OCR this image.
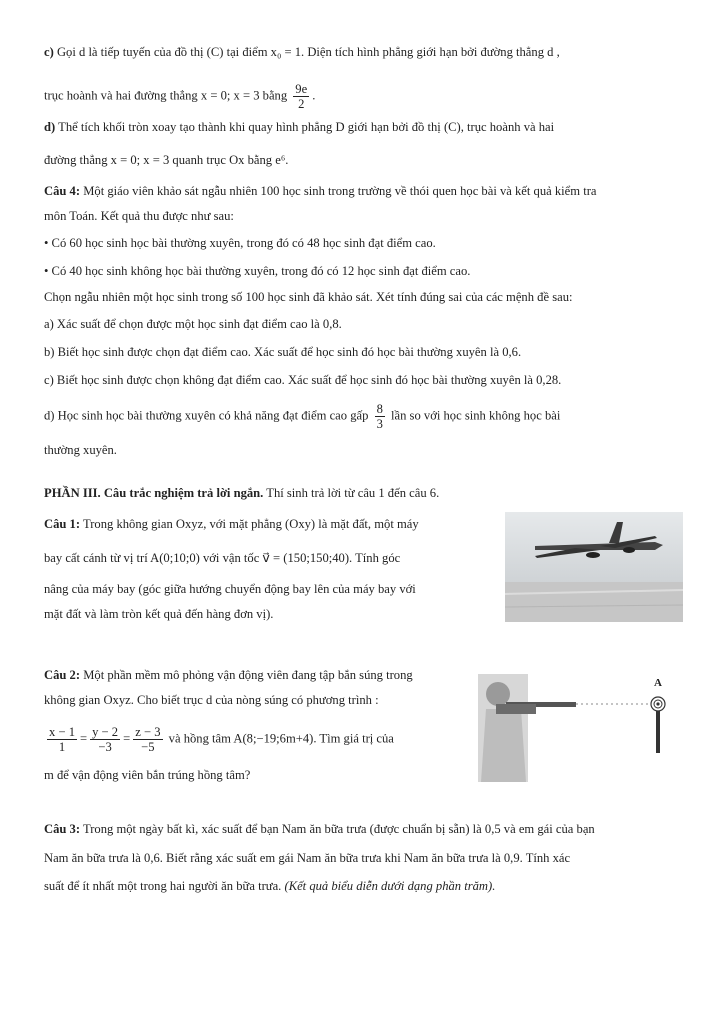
c) Gọi d là tiếp tuyến của đồ thị (C) tại điểm x₀ = 1. Diện tích hình phẳng giới hạn bởi đường thẳng d ,
trục hoành và hai đường thẳng x = 0; x = 3 bằng $\frac{9e}{2}$ .
d) Thể tích khối tròn xoay tạo thành khi quay hình phẳng D giới hạn bởi đồ thị (C), trục hoành và hai
đường thẳng x = 0; x = 3 quanh trục Ox bằng e⁶.
Câu 4: Một giáo viên khảo sát ngẫu nhiên 100 học sinh trong trường về thói quen học bài và kết quả kiểm tra
môn Toán. Kết quả thu được như sau:
• Có 60 học sinh học bài thường xuyên, trong đó có 48 học sinh đạt điểm cao.
• Có 40 học sinh không học bài thường xuyên, trong đó có 12 học sinh đạt điểm cao.
Chọn ngẫu nhiên một học sinh trong số 100 học sinh đã khảo sát. Xét tính đúng sai của các mệnh đề sau:
a) Xác suất để chọn được một học sinh đạt điểm cao là 0,8.
b) Biết học sinh được chọn đạt điểm cao. Xác suất để học sinh đó học bài thường xuyên là 0,6.
c) Biết học sinh được chọn không đạt điểm cao. Xác suất để học sinh đó học bài thường xuyên là 0,28.
d) Học sinh học bài thường xuyên có khả năng đạt điểm cao gấp $\frac{8}{3}$ lần so với học sinh không học bài
thường xuyên.
PHẦN III. Câu trắc nghiệm trả lời ngắn. Thí sinh trả lời từ câu 1 đến câu 6.
Câu 1: Trong không gian Oxyz, với mặt phẳng (Oxy) là mặt đất, một máy
bay cất cánh từ vị trí A(0;10;0) với vận tốc v⃗ = (150;150;40). Tính góc
nâng của máy bay (góc giữa hướng chuyển động bay lên của máy bay với
mặt đất và làm tròn kết quả đến hàng đơn vị).
Câu 2: Một phần mềm mô phỏng vận động viên đang tập bắn súng trong
không gian Oxyz. Cho biết trục d của nòng súng có phương trình :
$\frac{x - 1}{1} = \frac{y - 2}{-3} = \frac{z - 3}{-5}$ và hồng tâm A(8;−19;6m+4). Tìm giá trị của
m để vận động viên bắn trúng hồng tâm?
A
Câu 3: Trong một ngày bất kì, xác suất để bạn Nam ăn bữa trưa (được chuẩn bị sẵn) là 0,5 và em gái của bạn
Nam ăn bữa trưa là 0,6. Biết rằng xác suất em gái Nam ăn bữa trưa khi Nam ăn bữa trưa là 0,9. Tính xác
suất để ít nhất một trong hai người ăn bữa trưa. (Kết quả biểu diễn dưới dạng phần trăm).
